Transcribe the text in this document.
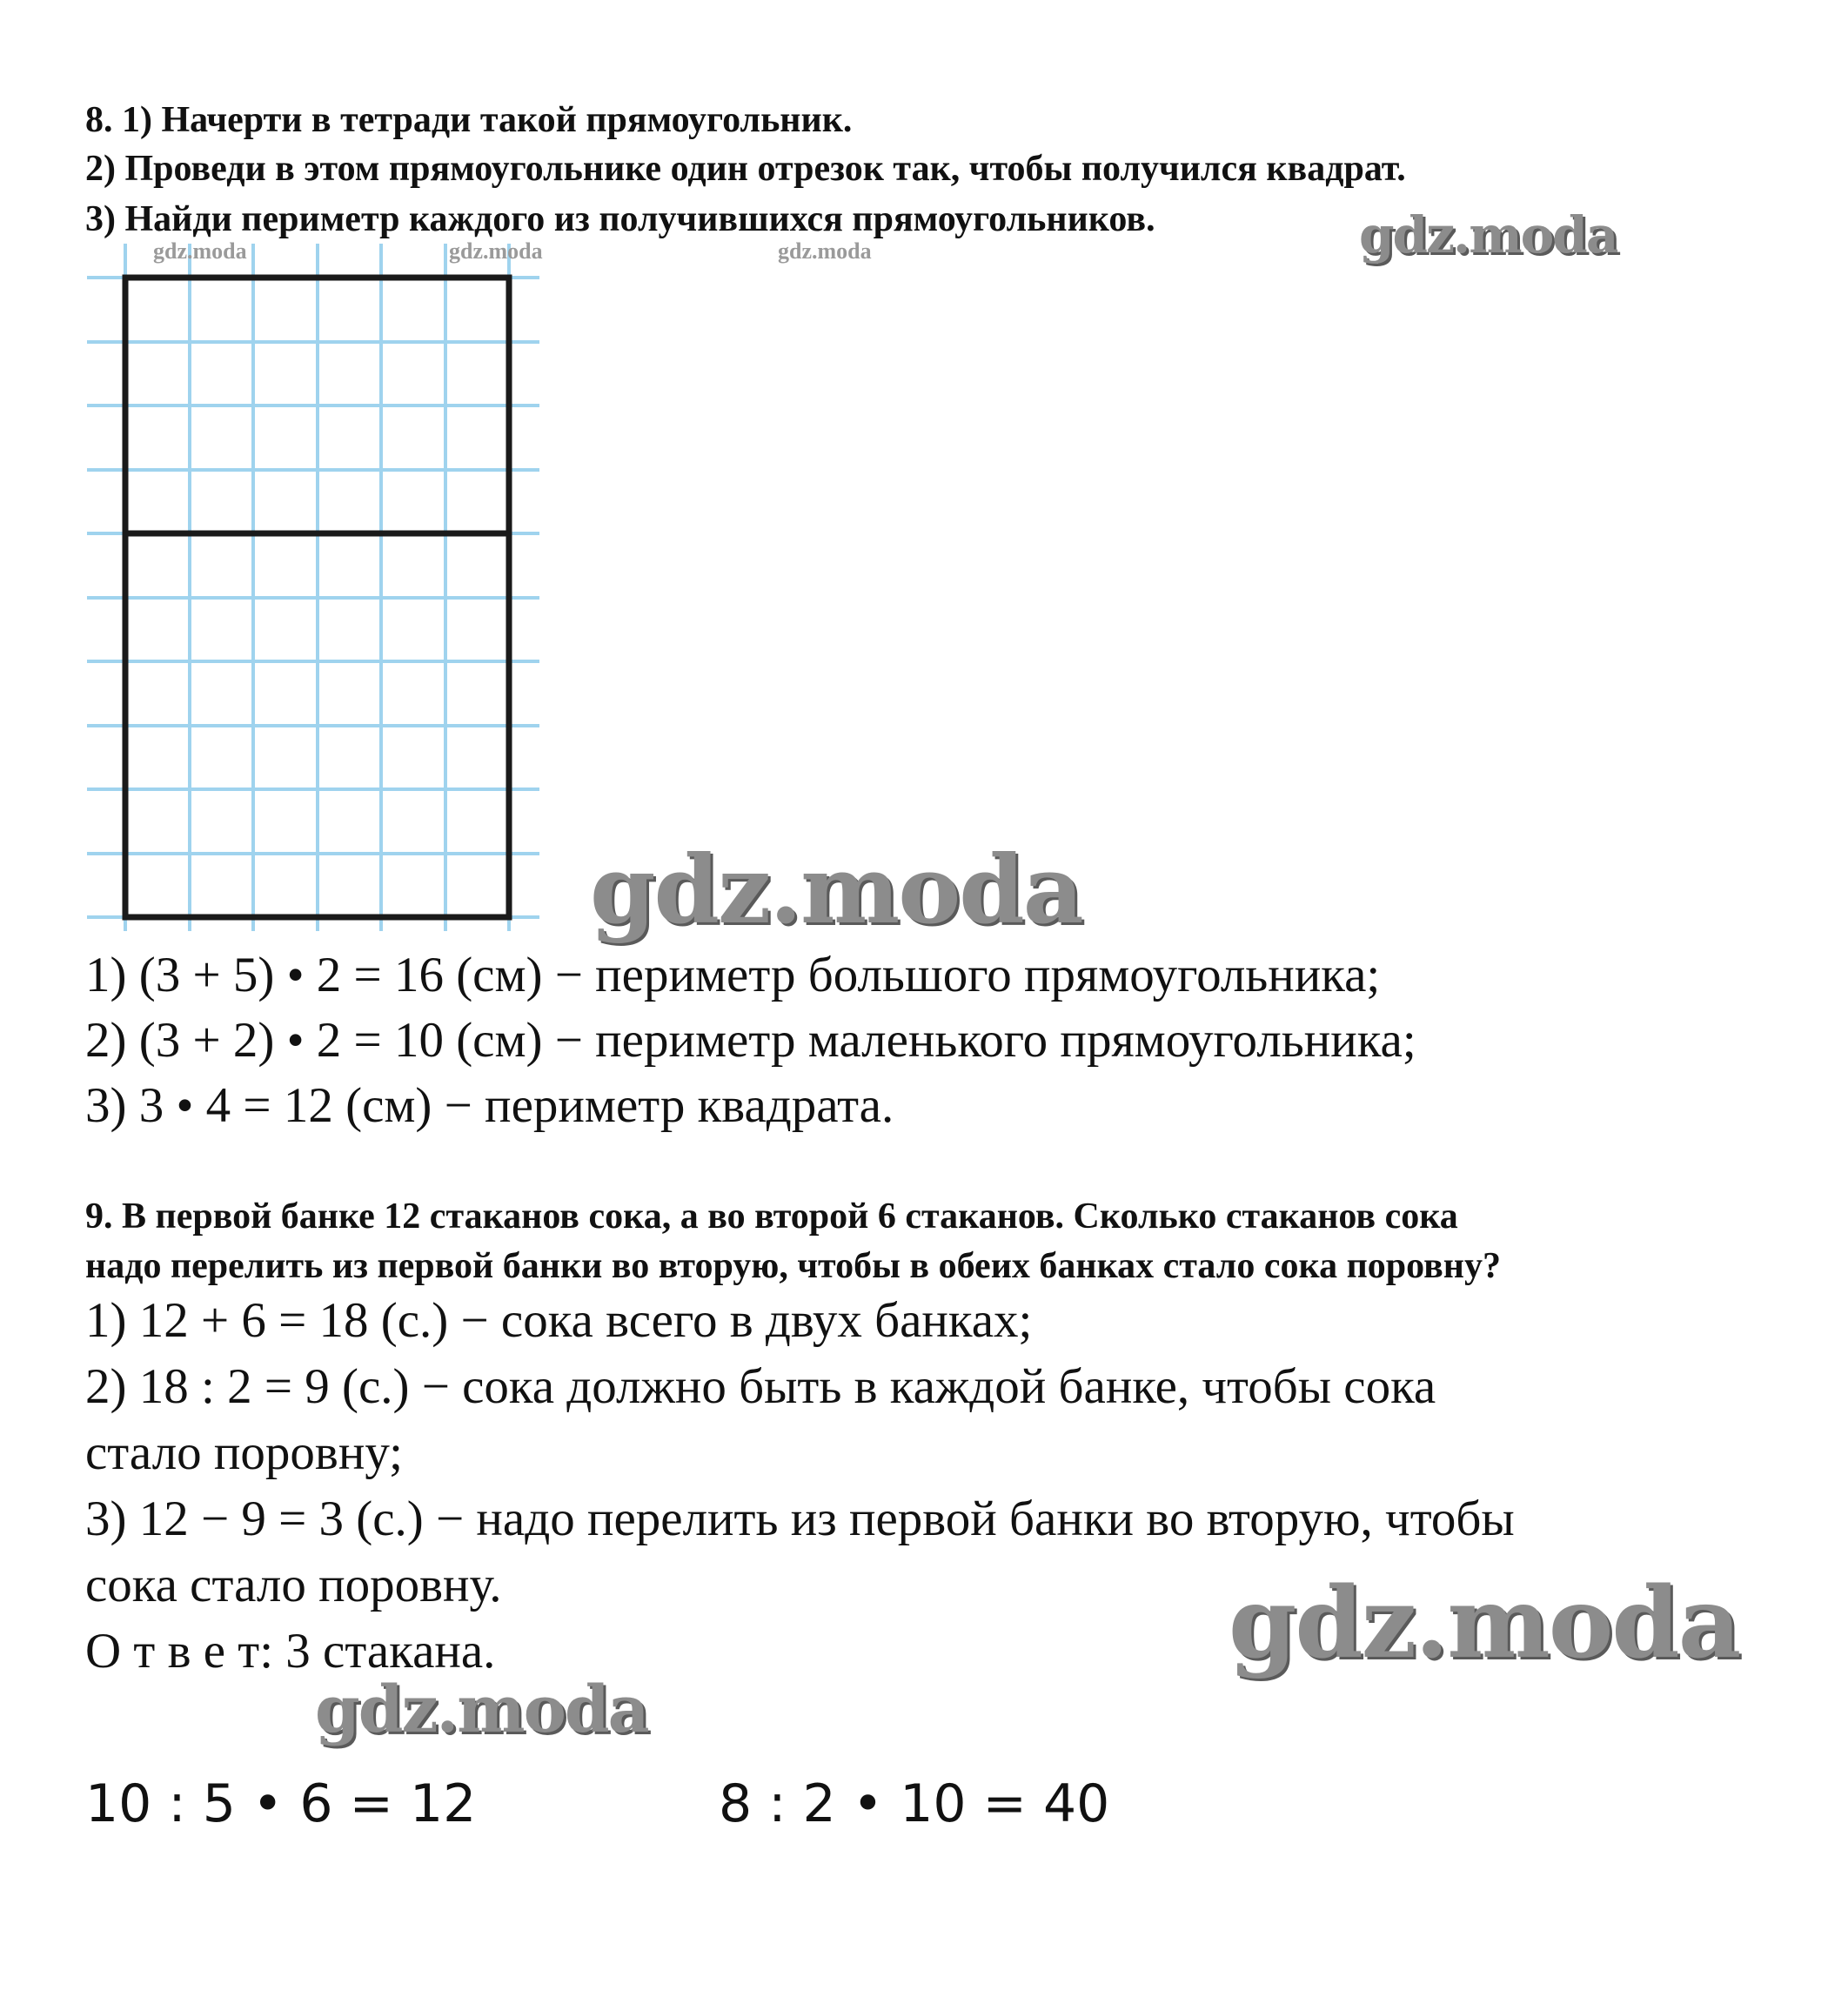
8. 1) Начерти в тетради такой прямоугольник.

2) Проведи в этом прямоугольнике один отрезок так, чтобы получился квадрат.

3) Найди периметр каждого из получившихся прямоугольников.

1) (3 + 5) • 2 = 16 (см) − периметр большого прямоугольника;

2) (3 + 2) • 2 = 10 (см) − периметр маленького прямоугольника;

3) 3 • 4 = 12 (см) − периметр квадрата.

9. В первой банке 12 стаканов сока, а во второй 6 стаканов. Сколько стаканов сока

надо перелить из первой банки во вторую, чтобы в обеих банках стало сока поровну?

1) 12 + 6 = 18 (с.) − сока всего в двух банках;

2) 18 : 2 = 9 (с.) − сока должно быть в каждой банке, чтобы сока

стало поровну;

3) 12 − 9 = 3 (с.) − надо перелить из первой банки во вторую, чтобы

сока стало поровну.

О т в е т: 3 стакана.

10 : 5 • 6 = 12	8 : 2 • 10 = 40

gdz.moda	gdz.moda	gdz.moda	gdz.moda
gdz.moda
gdz.moda
gdz.moda
